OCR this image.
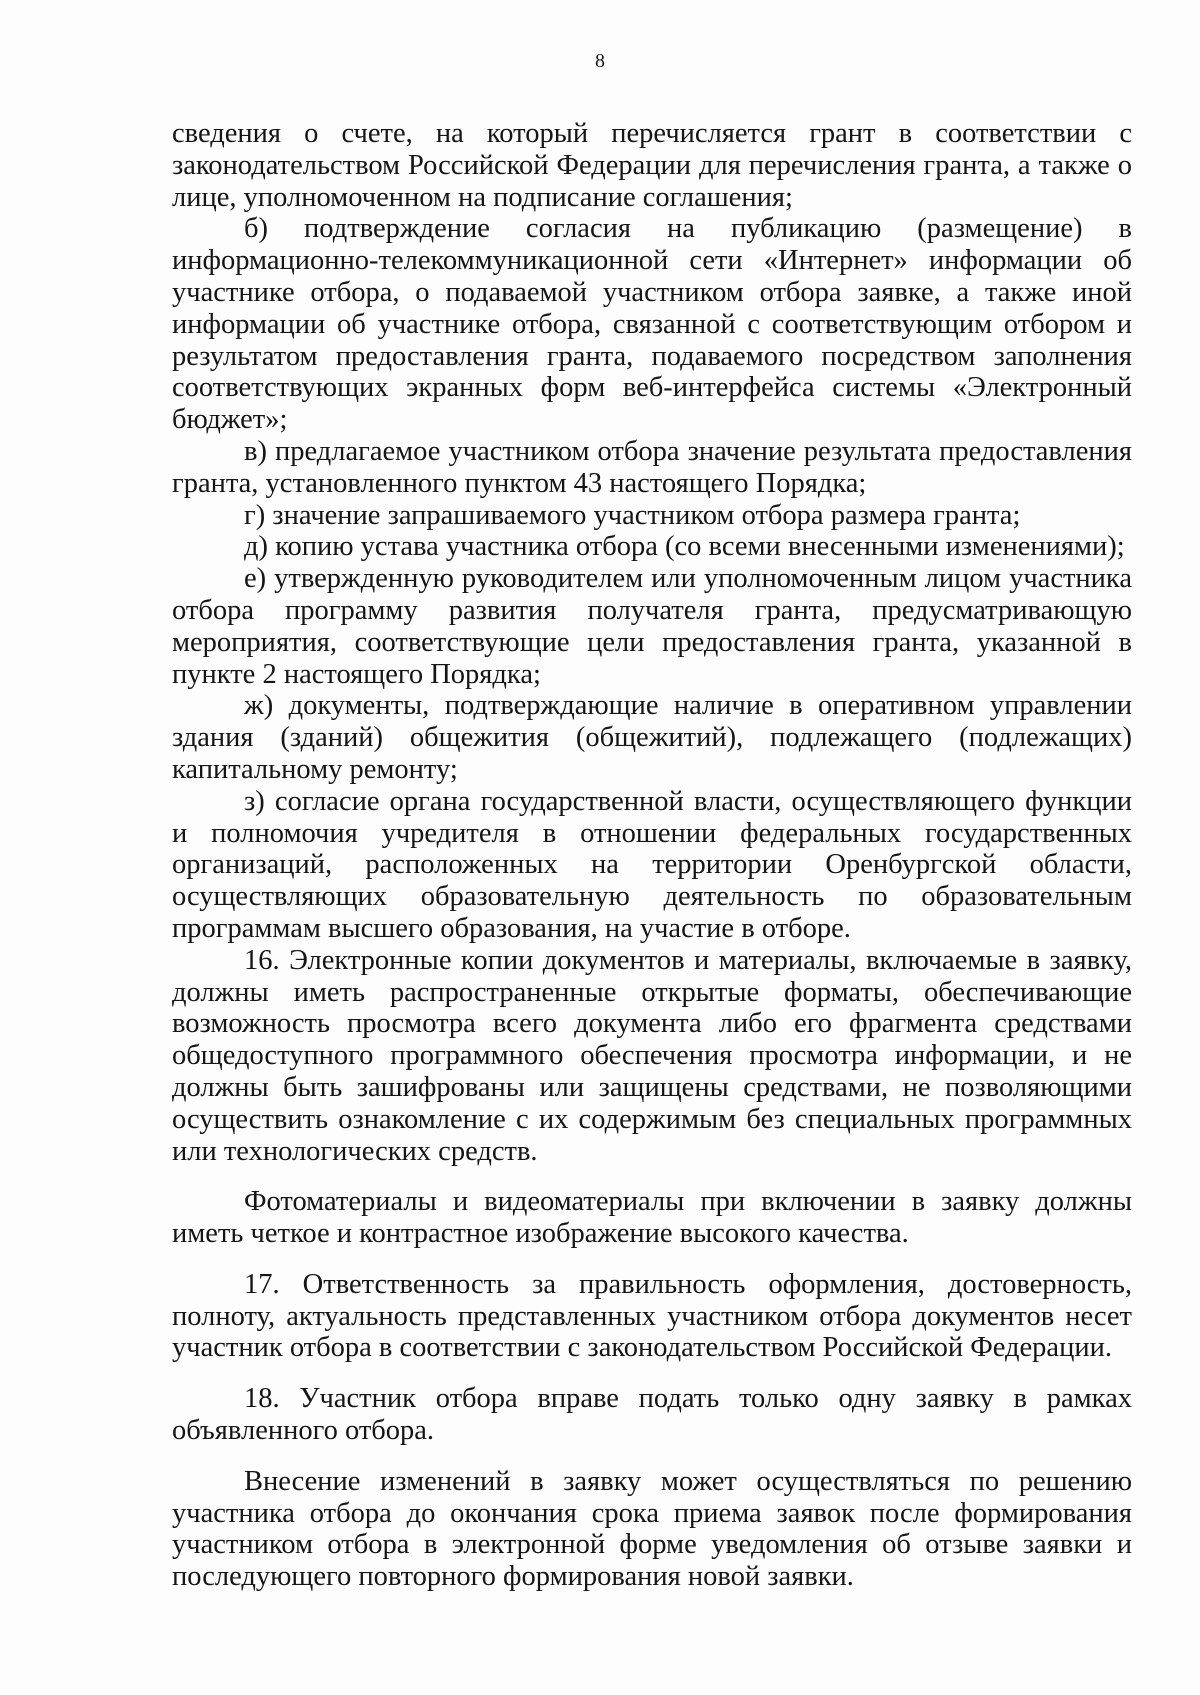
8

сведения о счете, на который перечисляется грант в соответствии с законодательством Российской Федерации для перечисления гранта, а также о лице, уполномоченном на подписание соглашения;

б) подтверждение согласия на публикацию (размещение) в информационно-телекоммуникационной сети «Интернет» информации об участнике отбора, о подаваемой участником отбора заявке, а также иной информации об участнике отбора, связанной с соответствующим отбором и результатом предоставления гранта, подаваемого посредством заполнения соответствующих экранных форм веб-интерфейса системы «Электронный бюджет»;

в) предлагаемое участником отбора значение результата предоставления гранта, установленного пунктом 43 настоящего Порядка;

г) значение запрашиваемого участником отбора размера гранта;

д) копию устава участника отбора (со всеми внесенными изменениями);

е) утвержденную руководителем или уполномоченным лицом участника отбора программу развития получателя гранта, предусматривающую мероприятия, соответствующие цели предоставления гранта, указанной в пункте 2 настоящего Порядка;

ж) документы, подтверждающие наличие в оперативном управлении здания (зданий) общежития (общежитий), подлежащего (подлежащих) капитальному ремонту;

з) согласие органа государственной власти, осуществляющего функции и полномочия учредителя в отношении федеральных государственных организаций, расположенных на территории Оренбургской области, осуществляющих образовательную деятельность по образовательным программам высшего образования, на участие в отборе.

16. Электронные копии документов и материалы, включаемые в заявку, должны иметь распространенные открытые форматы, обеспечивающие возможность просмотра всего документа либо его фрагмента средствами общедоступного программного обеспечения просмотра информации, и не должны быть зашифрованы или защищены средствами, не позволяющими осуществить ознакомление с их содержимым без специальных программных или технологических средств.

Фотоматериалы и видеоматериалы при включении в заявку должны иметь четкое и контрастное изображение высокого качества.

17. Ответственность за правильность оформления, достоверность, полноту, актуальность представленных участником отбора документов несет участник отбора в соответствии с законодательством Российской Федерации.

18. Участник отбора вправе подать только одну заявку в рамках объявленного отбора.

Внесение изменений в заявку может осуществляться по решению участника отбора до окончания срока приема заявок после формирования участником отбора в электронной форме уведомления об отзыве заявки и последующего повторного формирования новой заявки.
